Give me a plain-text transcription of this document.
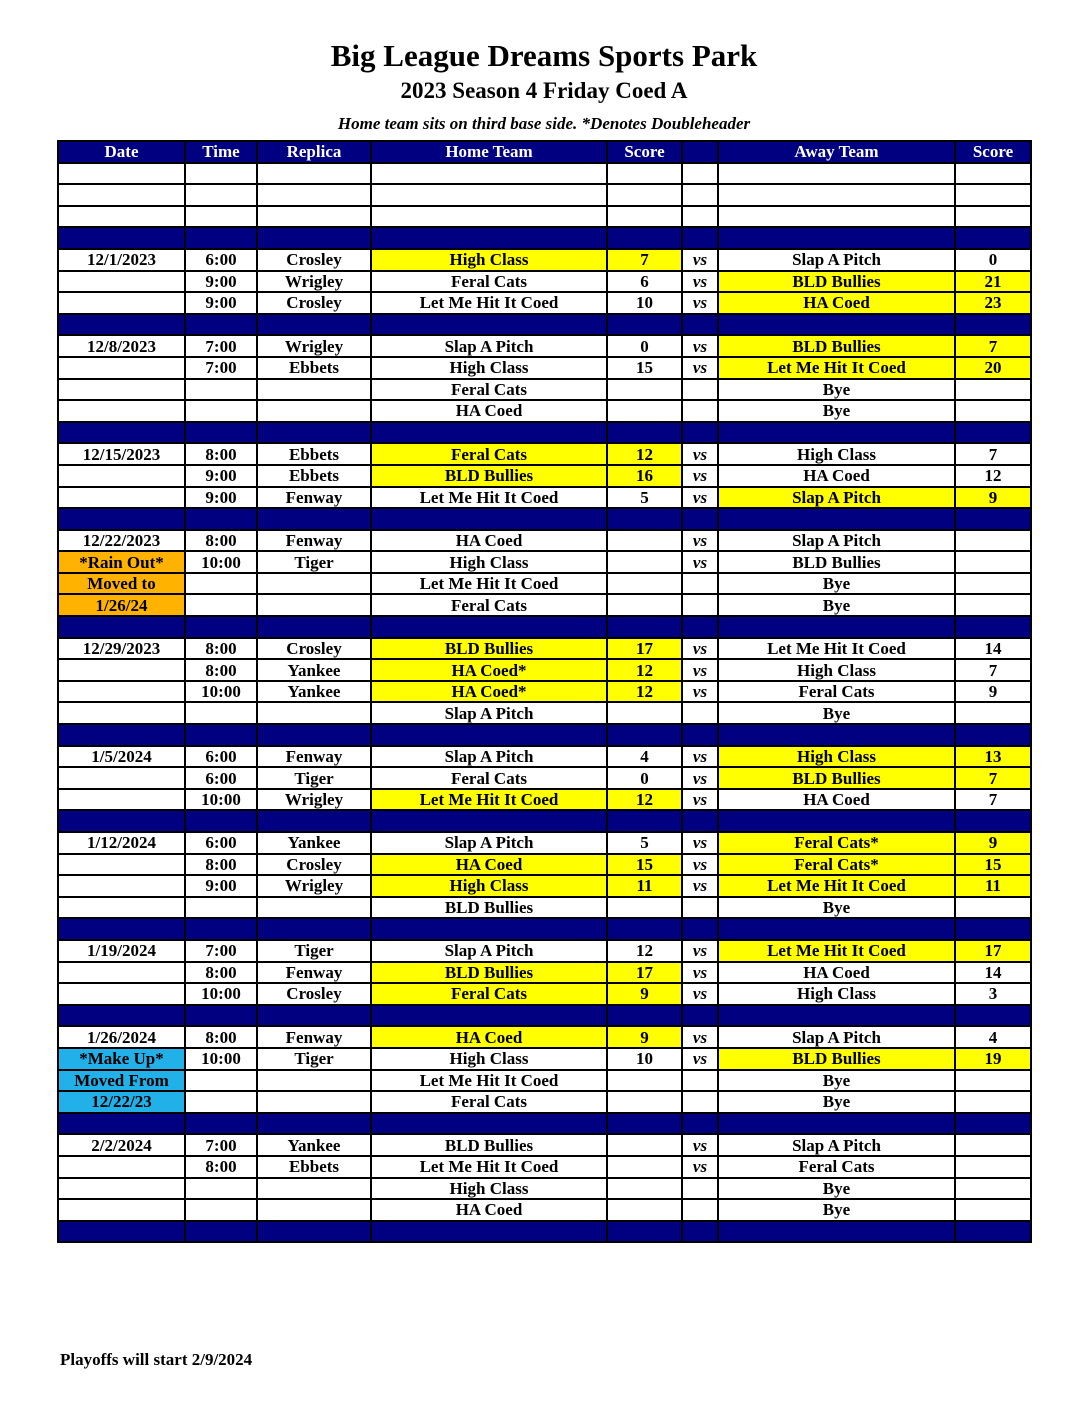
Big League Dreams Sports Park
2023 Season 4 Friday Coed A
Home team sits on third base side. *Denotes Doubleheader
Date	Time	Replica	Home Team	Score		Away Team	Score

12/1/2023	6:00	Crosley	High Class	7	vs	Slap A Pitch	0
	9:00	Wrigley	Feral Cats	6	vs	BLD Bullies	21
	9:00	Crosley	Let Me Hit It Coed	10	vs	HA Coed	23

12/8/2023	7:00	Wrigley	Slap A Pitch	0	vs	BLD Bullies	7
	7:00	Ebbets	High Class	15	vs	Let Me Hit It Coed	20
			Feral Cats			Bye	
			HA Coed			Bye	

12/15/2023	8:00	Ebbets	Feral Cats	12	vs	High Class	7
	9:00	Ebbets	BLD Bullies	16	vs	HA Coed	12
	9:00	Fenway	Let Me Hit It Coed	5	vs	Slap A Pitch	9

12/22/2023	8:00	Fenway	HA Coed		vs	Slap A Pitch	
*Rain Out*	10:00	Tiger	High Class		vs	BLD Bullies	
Moved to			Let Me Hit It Coed			Bye	
1/26/24			Feral Cats			Bye	

12/29/2023	8:00	Crosley	BLD Bullies	17	vs	Let Me Hit It Coed	14
	8:00	Yankee	HA Coed*	12	vs	High Class	7
	10:00	Yankee	HA Coed*	12	vs	Feral Cats	9
			Slap A Pitch			Bye	

1/5/2024	6:00	Fenway	Slap A Pitch	4	vs	High Class	13
	6:00	Tiger	Feral Cats	0	vs	BLD Bullies	7
	10:00	Wrigley	Let Me Hit It Coed	12	vs	HA Coed	7

1/12/2024	6:00	Yankee	Slap A Pitch	5	vs	Feral Cats*	9
	8:00	Crosley	HA Coed	15	vs	Feral Cats*	15
	9:00	Wrigley	High Class	11	vs	Let Me Hit It Coed	11
			BLD Bullies			Bye	

1/19/2024	7:00	Tiger	Slap A Pitch	12	vs	Let Me Hit It Coed	17
	8:00	Fenway	BLD Bullies	17	vs	HA Coed	14
	10:00	Crosley	Feral Cats	9	vs	High Class	3

1/26/2024	8:00	Fenway	HA Coed	9	vs	Slap A Pitch	4
*Make Up*	10:00	Tiger	High Class	10	vs	BLD Bullies	19
Moved From			Let Me Hit It Coed			Bye	
12/22/23			Feral Cats			Bye	

2/2/2024	7:00	Yankee	BLD Bullies		vs	Slap A Pitch	
	8:00	Ebbets	Let Me Hit It Coed		vs	Feral Cats	
			High Class			Bye	
			HA Coed			Bye	

Playoffs will start 2/9/2024
